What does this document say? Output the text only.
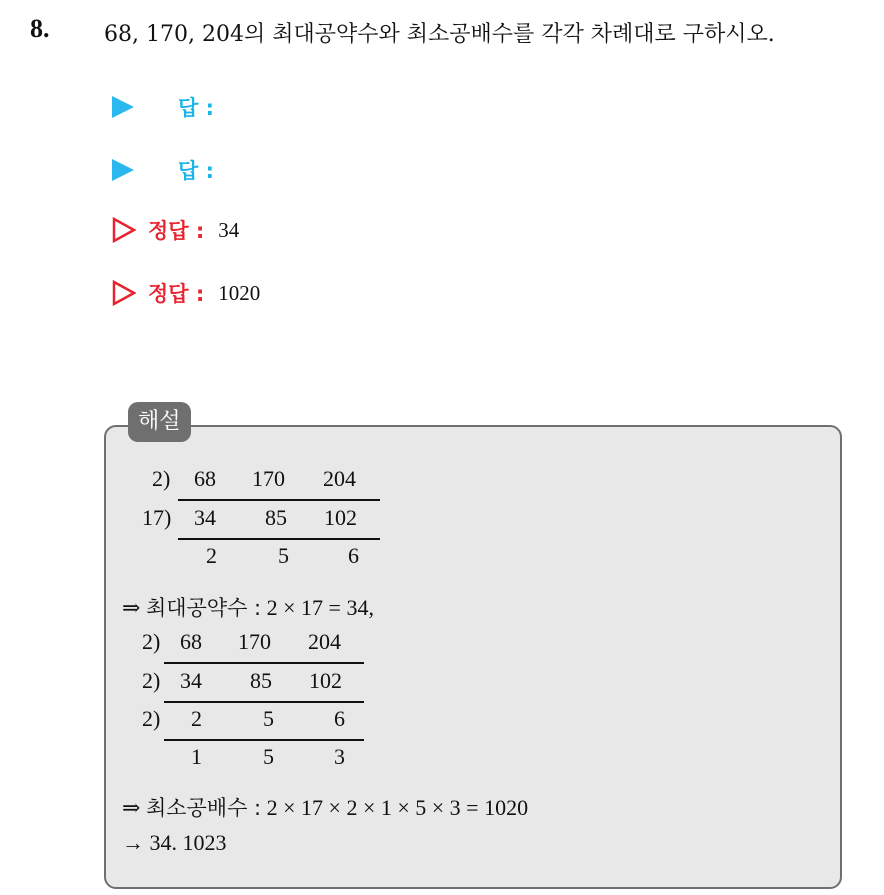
8. 68, 170, 204의 최대공약수와 최소공배수를 각각 차례대로 구하시오.
답 :
답 :
정답 : 34
정답 : 1020
해설
2) 68 170 204
17) 34 85 102
2	5	6
⇒ 최대공약수 : 2 × 17 = 34,
2) 68 170 204
2) 34 85 102
2) 2	5	6
1	5	3
⇒ 최소공배수 : 2 × 17 × 2 × 1 × 5 × 3 = 1020
→ 34. 1023
